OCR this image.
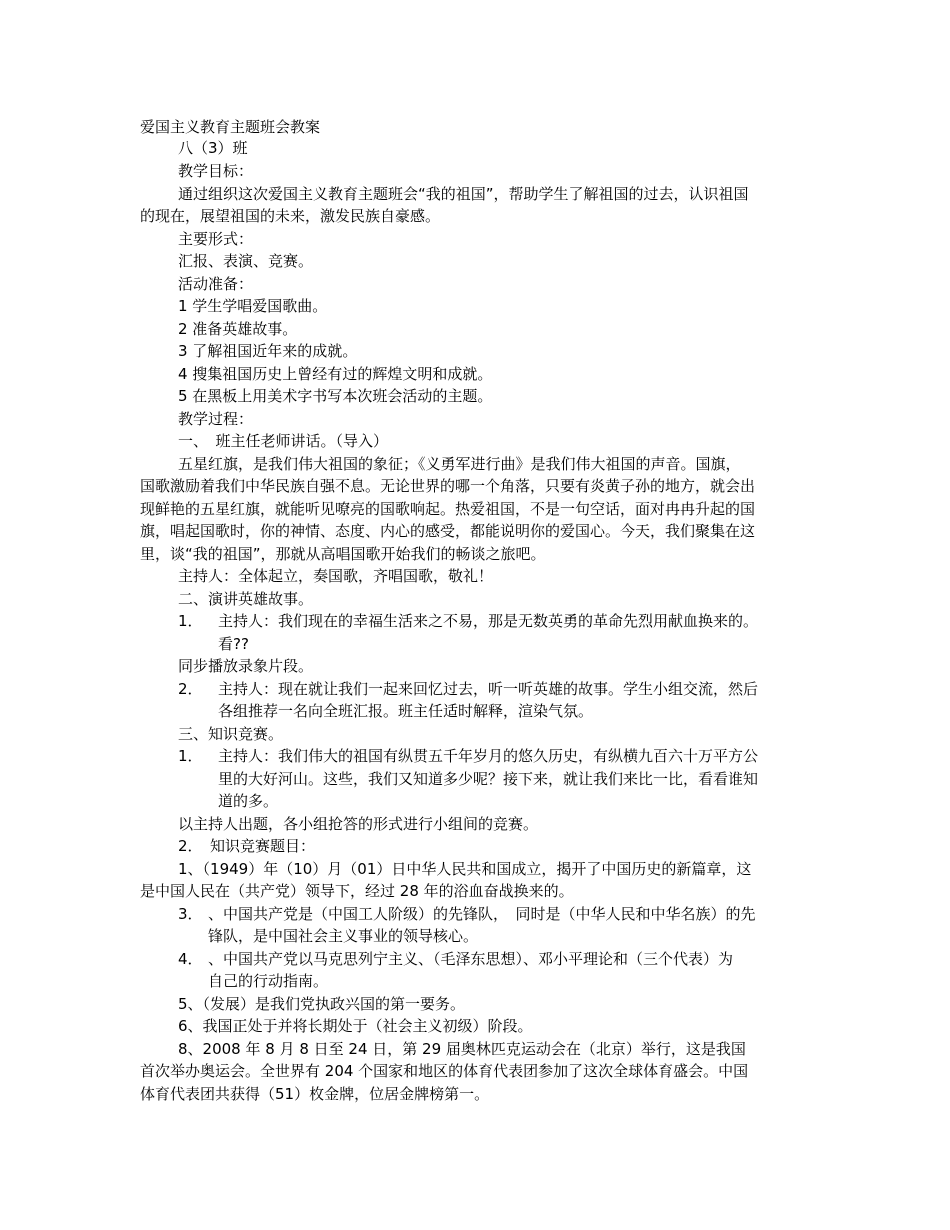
爱国主义教育主题班会教案
八（3）班
教学目标：
通过组织这次爱国主义教育主题班会“我的祖国”，帮助学生了解祖国的过去，认识祖国
的现在，展望祖国的未来，激发民族自豪感。
主要形式：
汇报、表演、竞赛。
活动准备：
1 学生学唱爱国歌曲。
2 准备英雄故事。
3 了解祖国近年来的成就。
4 搜集祖国历史上曾经有过的辉煌文明和成就。
5 在黑板上用美术字书写本次班会活动的主题。
教学过程：
一、　班主任老师讲话。（导入）
五星红旗，是我们伟大祖国的象征；《义勇军进行曲》是我们伟大祖国的声音。国旗，
国歌激励着我们中华民族自强不息。无论世界的哪一个角落，只要有炎黄子孙的地方，就会出
现鲜艳的五星红旗，就能听见嘹亮的国歌响起。热爱祖国，不是一句空话，面对冉冉升起的国
旗，唱起国歌时，你的神情、态度、内心的感受，都能说明你的爱国心。今天，我们聚集在这
里，谈“我的祖国”，那就从高唱国歌开始我们的畅谈之旅吧。
主持人：全体起立，奏国歌，齐唱国歌，敬礼！
二、演讲英雄故事。
1． 主持人：我们现在的幸福生活来之不易，那是无数英勇的革命先烈用献血换来的。
看??
同步播放录象片段。
2． 主持人：现在就让我们一起来回忆过去，听一听英雄的故事。学生小组交流，然后
各组推荐一名向全班汇报。班主任适时解释，渲染气氛。
三、知识竞赛。
1． 主持人：我们伟大的祖国有纵贯五千年岁月的悠久历史，有纵横九百六十万平方公
里的大好河山。这些，我们又知道多少呢？接下来，就让我们来比一比，看看谁知
道的多。
以主持人出题，各小组抢答的形式进行小组间的竞赛。
2．　知识竞赛题目：
1、（1949）年（10）月（01）日中华人民共和国成立，揭开了中国历史的新篇章，这
是中国人民在（共产党）领导下，经过 28 年的浴血奋战换来的。
3． 、中国共产党是（中国工人阶级）的先锋队，　同时是（中华人民和中华名族）的先
锋队，是中国社会主义事业的领导核心。
4． 、中国共产党以马克思列宁主义、（毛泽东思想）、邓小平理论和（三个代表）为
自己的行动指南。
5、（发展）是我们党执政兴国的第一要务。
6、我国正处于并将长期处于（社会主义初级）阶段。
8、2008 年 8 月 8 日至 24 日，第 29 届奥林匹克运动会在（北京）举行，这是我国
首次举办奥运会。全世界有 204 个国家和地区的体育代表团参加了这次全球体育盛会。中国
体育代表团共获得（51）枚金牌，位居金牌榜第一。
